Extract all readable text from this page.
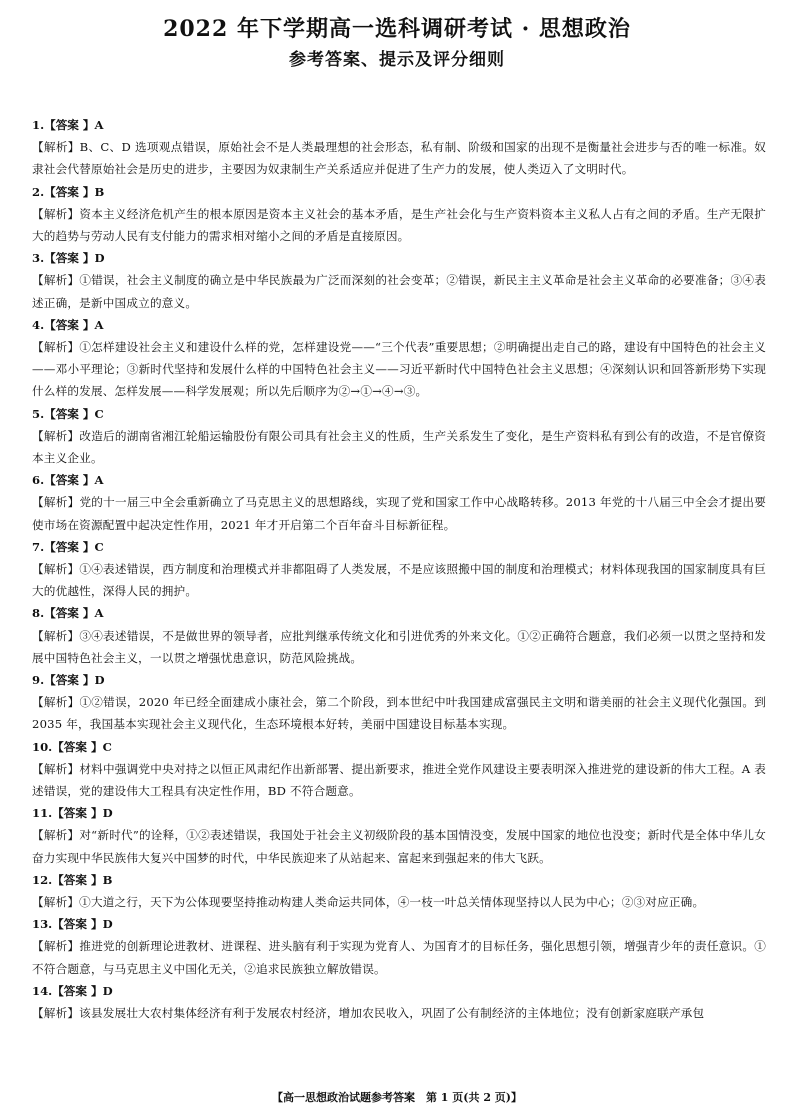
2022 年下学期高一选科调研考试 · 思想政治
参考答案、提示及评分细则
1.【答案 】A
【解析】B、C、D 选项观点错误，原始社会不是人类最理想的社会形态，私有制、阶级和国家的出现不是衡量社会进步与否的唯一标准。奴隶社会代替原始社会是历史的进步，主要因为奴隶制生产关系适应并促进了生产力的发展，使人类迈入了文明时代。
2.【答案 】B
【解析】资本主义经济危机产生的根本原因是资本主义社会的基本矛盾，是生产社会化与生产资料资本主义私人占有之间的矛盾。生产无限扩大的趋势与劳动人民有支付能力的需求相对缩小之间的矛盾是直接原因。
3.【答案 】D
【解析】①错误，社会主义制度的确立是中华民族最为广泛而深刻的社会变革；②错误，新民主主义革命是社会主义革命的必要准备；③④表述正确，是新中国成立的意义。
4.【答案 】A
【解析】①怎样建设社会主义和建设什么样的党，怎样建设党——“三个代表”重要思想；②明确提出走自己的路，建设有中国特色的社会主义——邓小平理论；③新时代坚持和发展什么样的中国特色社会主义——习近平新时代中国特色社会主义思想；④深刻认识和回答新形势下实现什么样的发展、怎样发展——科学发展观；所以先后顺序为②→①→④→③。
5.【答案 】C
【解析】改造后的湖南省湘江轮船运输股份有限公司具有社会主义的性质，生产关系发生了变化，是生产资料私有到公有的改造，不是官僚资本主义企业。
6.【答案 】A
【解析】党的十一届三中全会重新确立了马克思主义的思想路线，实现了党和国家工作中心战略转移。2013 年党的十八届三中全会才提出要使市场在资源配置中起决定性作用，2021 年才开启第二个百年奋斗目标新征程。
7.【答案 】C
【解析】①④表述错误，西方制度和治理模式并非都阻碍了人类发展，不是应该照搬中国的制度和治理模式；材料体现我国的国家制度具有巨大的优越性，深得人民的拥护。
8.【答案 】A
【解析】③④表述错误，不是做世界的领导者，应批判继承传统文化和引进优秀的外来文化。①②正确符合题意，我们必须一以贯之坚持和发展中国特色社会主义，一以贯之增强忧患意识，防范风险挑战。
9.【答案 】D
【解析】①②错误，2020 年已经全面建成小康社会，第二个阶段，到本世纪中叶我国建成富强民主文明和谐美丽的社会主义现代化强国。到 2035 年，我国基本实现社会主义现代化，生态环境根本好转，美丽中国建设目标基本实现。
10.【答案 】C
【解析】材料中强调党中央对持之以恒正风肃纪作出新部署、提出新要求，推进全党作风建设主要表明深入推进党的建设新的伟大工程。A 表述错误，党的建设伟大工程具有决定性作用，BD 不符合题意。
11.【答案 】D
【解析】对“新时代”的诠释，①②表述错误，我国处于社会主义初级阶段的基本国情没变，发展中国家的地位也没变；新时代是全体中华儿女奋力实现中华民族伟大复兴中国梦的时代，中华民族迎来了从站起来、富起来到强起来的伟大飞跃。
12.【答案 】B
【解析】①大道之行，天下为公体现要坚持推动构建人类命运共同体，④一枝一叶总关情体现坚持以人民为中心；②③对应正确。
13.【答案 】D
【解析】推进党的创新理论进教材、进课程、进头脑有利于实现为党育人、为国育才的目标任务，强化思想引领，增强青少年的责任意识。①不符合题意，与马克思主义中国化无关，②追求民族独立解放错误。
14.【答案 】D
【解析】该县发展壮大农村集体经济有利于发展农村经济，增加农民收入，巩固了公有制经济的主体地位；没有创新家庭联产承包
【高一思想政治试题参考答案　第 1 页(共 2 页)】
